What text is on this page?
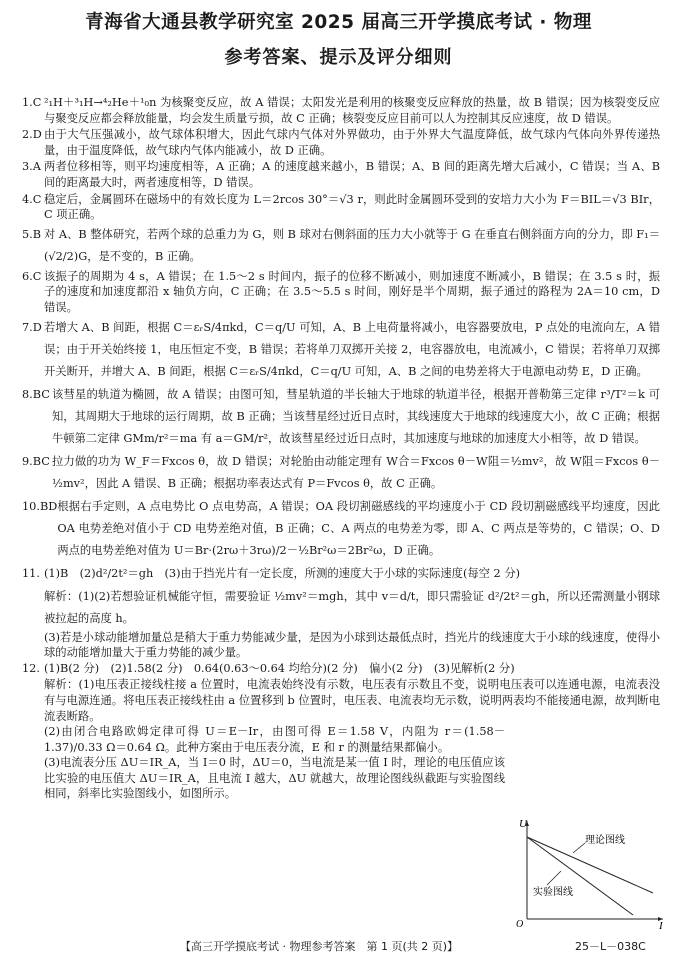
青海省大通县教学研究室 2025 届高三开学摸底考试 · 物理
参考答案、提示及评分细则
1.C ²₁H＋³₁H→⁴₂He＋¹₀n 为核聚变反应，故 A 错误；太阳发光是利用的核聚变反应释放的热量，故 B 错误；因为核裂变反应与聚变反应都会释放能量，均会发生质量亏损，故 C 正确；核裂变反应目前可以人为控制其反应速度，故 D 错误。
2.D 由于大气压强减小，故气球体积增大，因此气球内气体对外界做功，由于外界大气温度降低，故气球内气体向外界传递热量，由于温度降低，故气球内气体内能减小，故 D 正确。
3.A 两者位移相等，则平均速度相等，A 正确；A 的速度越来越小，B 错误；A、B 间的距离先增大后减小，C 错误；当 A、B 间的距离最大时，两者速度相等，D 错误。
4.C 稳定后，金属圆环在磁场中的有效长度为 L＝2rcos 30°＝√3 r，则此时金属圆环受到的安培力大小为 F＝BIL＝√3 BIr，C 项正确。
5.B 对 A、B 整体研究，若两个球的总重力为 G，则 B 球对右侧斜面的压力大小就等于 G 在垂直右侧斜面方向的分力，即 F₁＝(√2/2)G，是不变的，B 正确。
6.C 该振子的周期为 4 s，A 错误；在 1.5～2 s 时间内，振子的位移不断减小，则加速度不断减小，B 错误；在 3.5 s 时，振子的速度和加速度都沿 x 轴负方向，C 正确；在 3.5～5.5 s 时间，刚好是半个周期，振子通过的路程为 2A＝10 cm，D 错误。
7.D 若增大 A、B 间距，根据 C＝εᵣS/4πkd，C＝q/U 可知，A、B 上电荷量将减小，电容器要放电，P 点处的电流向左，A 错误；由于开关始终接 1，电压恒定不变，B 错误；若将单刀双掷开关接 2，电容器放电，电流减小，C 错误；若将单刀双掷开关断开，并增大 A、B 间距，根据 C＝εᵣS/4πkd，C＝q/U 可知，A、B 之间的电势差将大于电源电动势 E，D 正确。
8.BC 该彗星的轨道为椭圆，故 A 错误；由图可知，彗星轨道的半长轴大于地球的轨道半径，根据开普勒第三定律 r³/T²＝k 可知，其周期大于地球的运行周期，故 B 正确；当该彗星经过近日点时，其线速度大于地球的线速度大小，故 C 正确；根据牛顿第二定律 GMm/r²＝ma 有 a＝GM/r²，故该彗星经过近日点时，其加速度与地球的加速度大小相等，故 D 错误。
9.BC 拉力做的功为 W_F＝Fxcos θ，故 D 错误；对轮胎由动能定理有 W合＝Fxcos θ－W阻＝½mv²，故 W阻＝Fxcos θ－½mv²，因此 A 错误、B 正确；根据功率表达式有 P＝Fvcos θ，故 C 正确。
10.BD 根据右手定则，A 点电势比 O 点电势高，A 错误；OA 段切割磁感线的平均速度小于 CD 段切割磁感线平均速度，因此 OA 电势差绝对值小于 CD 电势差绝对值，B 正确；C、A 两点的电势差为零，即 A、C 两点是等势的，C 错误；O、D 两点的电势差绝对值为 U＝Br·(2rω＋3rω)/2－½Br²ω＝2Br²ω，D 正确。
11. (1)B　(2)d²/2t²＝gh　(3)由于挡光片有一定长度，所测的速度大于小球的实际速度(每空 2 分)
解析：(1)(2)若想验证机械能守恒，需要验证 ½mv²＝mgh，其中 v＝d/t，即只需验证 d²/2t²＝gh，所以还需测量小钢球被拉起的高度 h。
(3)若是小球动能增加量总是稍大于重力势能减少量，是因为小球到达最低点时，挡光片的线速度大于小球的线速度，使得小球的动能增加量大于重力势能的减少量。
12. (1)B(2 分)　(2)1.58(2 分)　0.64(0.63～0.64 均给分)(2 分)　偏小(2 分)　(3)见解析(2 分)
解析：(1)电压表正接线柱接 a 位置时，电流表始终没有示数，电压表有示数且不变，说明电压表可以连通电源，电流表没有与电源连通。将电压表正接线柱由 a 位置移到 b 位置时，电压表、电流表均无示数，说明两表均不能接通电源，故判断电流表断路。
(2)由闭合电路欧姆定律可得 U＝E－Ir，由图可得 E＝1.58 V，内阻为 r＝(1.58－1.37)/0.33 Ω＝0.64 Ω。此种方案由于电压表分流，E 和 r 的测量结果都偏小。
(3)电流表分压 ΔU＝IR_A，当 I＝0 时，ΔU＝0，当电流是某一值 I 时，理论的电压值应该比实验的电压值大 ΔU＝IR_A，且电流 I 越大，ΔU 就越大，故理论图线纵截距与实验图线相同，斜率比实验图线小，如图所示。
U
I
O
理论图线
实验图线
【高三开学摸底考试 · 物理参考答案　第 1 页(共 2 页)】	25－L－038C
